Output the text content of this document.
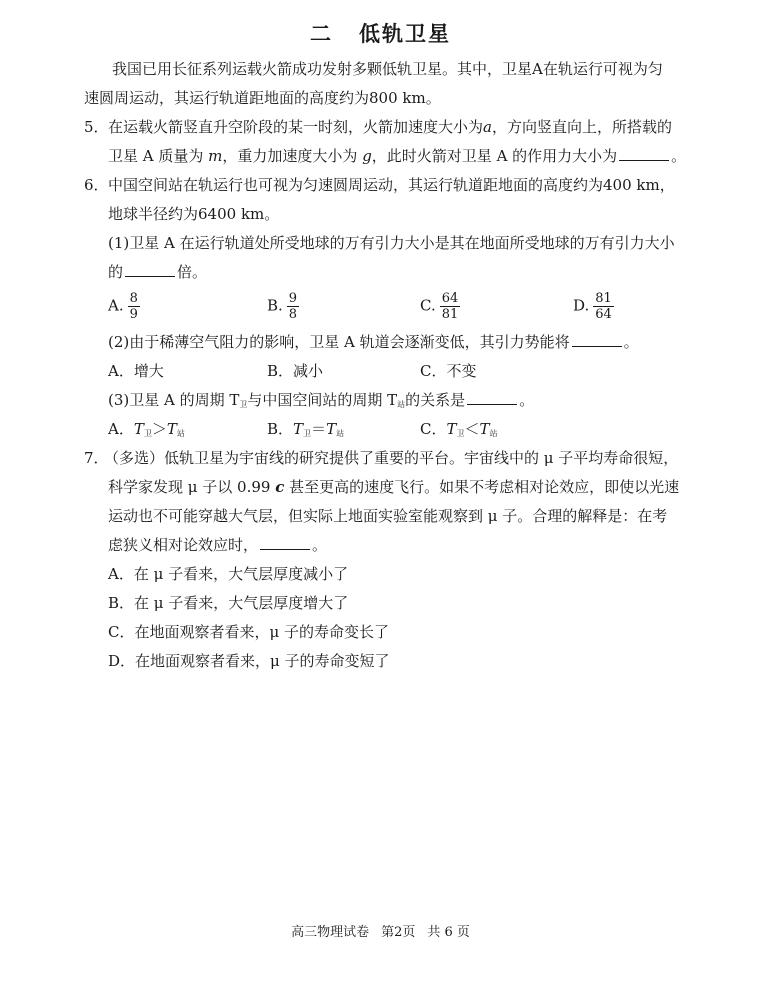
二 低轨卫星
我国已用长征系列运载火箭成功发射多颗低轨卫星。其中，卫星A在轨运行可视为匀
速圆周运动，其运行轨道距地面的高度约为800 km。
5． 在运载火箭竖直升空阶段的某一时刻，火箭加速度大小为a，方向竖直向上，所搭载的
卫星 A 质量为 m，重力加速度大小为 g，此时火箭对卫星 A 的作用力大小为	。
6． 中国空间站在轨运行也可视为匀速圆周运动，其运行轨道距地面的高度约为400 km，
地球半径约为6400 km。
(1)卫星 A 在运行轨道处所受地球的万有引力大小是其在地面所受地球的万有引力大小
的	倍。
A. $\frac{8}{9}$	B. $\frac{9}{8}$	C. $\frac{64}{81}$	D. $\frac{81}{64}$
(2)由于稀薄空气阻力的影响，卫星 A 轨道会逐渐变低，其引力势能将	。
A．增大	B．减小	C．不变
(3)卫星 A 的周期 $T_卫$与中国空间站的周期 $T_站$的关系是	。
A．$T_卫>T_站$	B．$T_卫=T_站$	C．$T_卫<T_站$
7．
（多选）低轨卫星为宇宙线的研究提供了重要的平台。宇宙线中的 μ 子平均寿命很短，
科学家发现 μ 子以 0.99 c 甚至更高的速度飞行。如果不考虑相对论效应，即使以光速
运动也不可能穿越大气层，但实际上地面实验室能观察到 μ 子。合理的解释是：在考
虑狭义相对论效应时，	。
A．在 μ 子看来，大气层厚度减小了
B．在 μ 子看来，大气层厚度增大了
C．在地面观察者看来，μ 子的寿命变长了
D．在地面观察者看来，μ 子的寿命变短了
高三物理试卷 第2页 共 6 页
